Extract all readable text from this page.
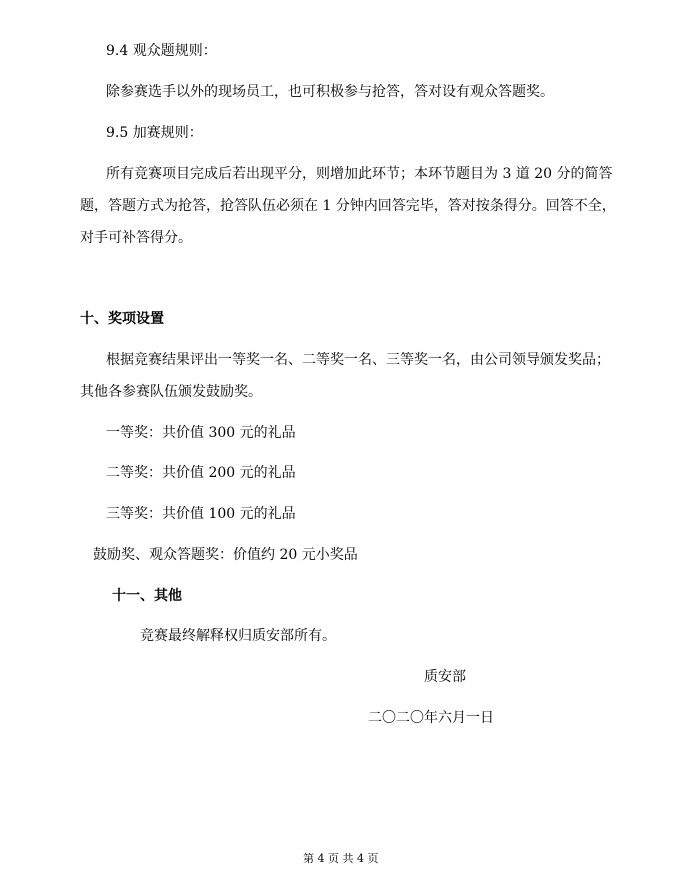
9.4 观众题规则：
除参赛选手以外的现场员工，也可积极参与抢答，答对设有观众答题奖。
9.5 加赛规则：
所有竞赛项目完成后若出现平分，则增加此环节；本环节题目为 3 道 20 分的简答
题，答题方式为抢答，抢答队伍必须在 1 分钟内回答完毕，答对按条得分。回答不全，
对手可补答得分。
十、奖项设置
根据竞赛结果评出一等奖一名、二等奖一名、三等奖一名，由公司领导颁发奖品；
其他各参赛队伍颁发鼓励奖。
一等奖：共价值 300 元的礼品
二等奖：共价值 200 元的礼品
三等奖：共价值 100 元的礼品
鼓励奖、观众答题奖：价值约 20 元小奖品
十一、其他
竞赛最终解释权归质安部所有。
质安部
二〇二〇年六月一日
第 4 页 共 4 页
